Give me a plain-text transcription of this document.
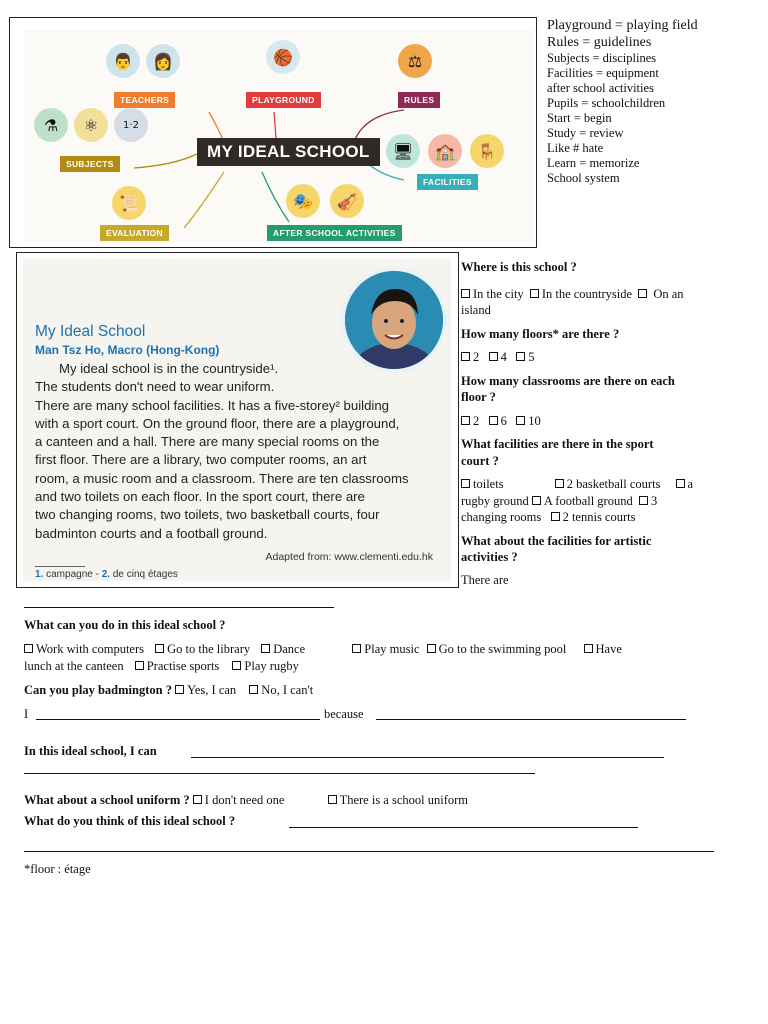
👨	👩
TEACHERS
🏀
PLAYGROUND
⚖
RULES
⚗	⚛	1·2
SUBJECTS
MY IDEAL SCHOOL	🖥	🏫	🪑
FACILITIES
📜
EVALUATION
🎭	🎻
AFTER SCHOOL ACTIVITIES
Playground = playing field
Rules = guidelines
Subjects = disciplines
Facilities = equipment
after school activities
Pupils = schoolchildren
Start = begin
Study = review
Like # hate
Learn = memorize
School system
My Ideal School
Man Tsz Ho, Macro (Hong-Kong)

My ideal school is in the countryside¹.

The students don't need to wear uniform.

There are many school facilities. It has a five-storey² building

with a sport court. On the ground floor, there are a playground,

a canteen and a hall. There are many special rooms on the

first floor. There are a library, two computer rooms, an art

room, a music room and a classroom. There are ten classrooms

and two toilets on each floor. In the sport court, there are

two changing rooms, two toilets, two basketball courts, four

badminton courts and a football ground.

Adapted from: www.clementi.edu.hk
1. campagne - 2. de cinq étages
Where is this school ?
In the city In the countryside On an
island
How many floors* are there ?
2 4 5
How many classrooms are there on each
floor ?
2 6 10
What facilities are there in the sport
court ?
toilets	2 basketball courts a
rugby ground A football ground 3
changing rooms 2 tennis courts
What about the facilities for artistic
activities ?
There are
What can you do in this ideal school ?
Work with computers Go to the library Dance	Play music Go to the swimming pool Have
lunch at the canteen Practise sports Play rugby
Can you play badmington ? Yes, I can No, I can't
I	because
In this ideal school, I can
What about a school uniform ? I don't need one	There is a school uniform
What do you think of this ideal school ?
*floor : étage
